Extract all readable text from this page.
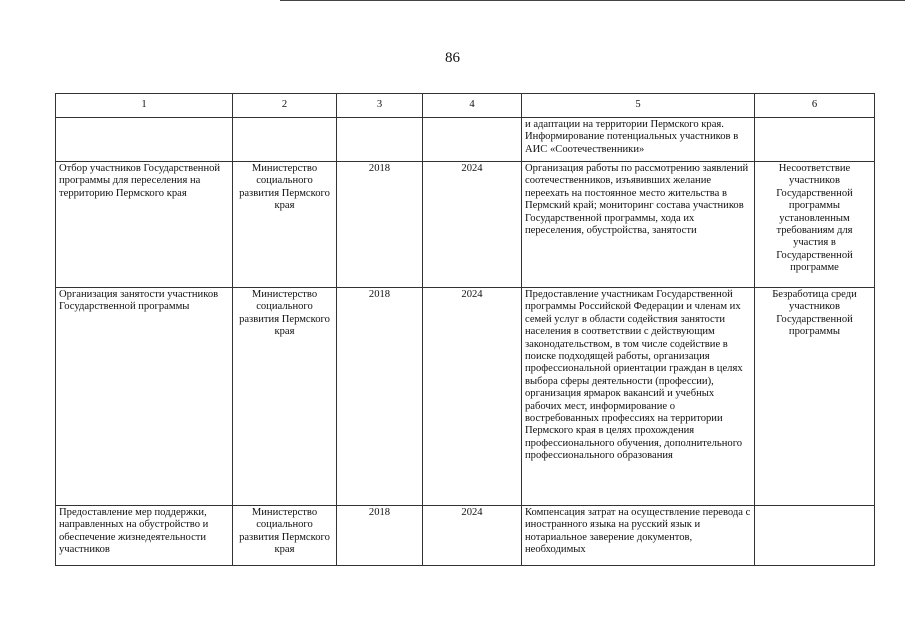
86
1	2	3	4	5	6
				и адаптации на территории Пермского края. Информирование потенциальных участников в АИС «Соотечественники»	
Отбор участников Государственной программы для переселения на территорию Пермского края	Министерство социального развития Пермского края	2018	2024	Организация работы по рассмотрению заявлений соотечественников, изъявивших желание переехать на постоянное место жительства в Пермский край; мониторинг состава участников Государственной программы, хода их переселения, обустройства, занятости	Несоответствие участников Государственной программы установленным требованиям для участия в Государственной программе
Организация занятости участников Государственной программы	Министерство социального развития Пермского края	2018	2024	Предоставление участникам Государственной программы Российской Федерации и членам их семей услуг в области содействия занятости населения в соответствии с действующим законодательством, в том числе содействие в поиске подходящей работы, организация профессиональной ориентации граждан в целях выбора сферы деятельности (профессии), организация ярмарок вакансий и учебных рабочих мест, информирование о востребованных профессиях на территории Пермского края в целях прохождения профессионального обучения, дополнительного профессионального образования	Безработица среди участников Государственной программы
Предоставление мер поддержки, направленных на обустройство и обеспечение жизнедеятельности участников	Министерство социального развития Пермского края	2018	2024	Компенсация затрат на осуществление перевода с иностранного языка на русский язык и нотариальное заверение документов, необходимых	
